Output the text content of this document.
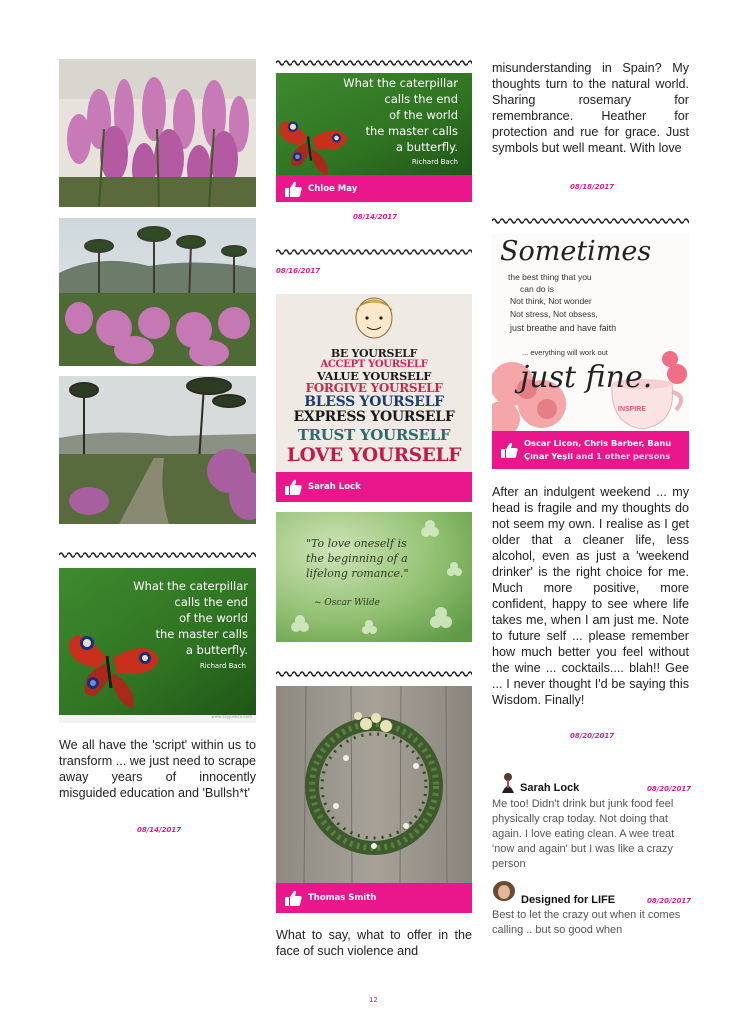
What the caterpillar
calls the end
of the world
the master calls
a butterfly.
Richard Bach
www.sayjustice.com
We all have the 'script' within us to transform ... we just need to scrape away years of innocently misguided education and 'Bullsh*t'
08/14/2017
What the caterpillar
calls the end
of the world
the master calls
a butterfly.
Richard Bach
Chloe May
08/14/2017
08/16/2017
BE YOURSELF
ACCEPT YOURSELF
VALUE YOURSELF
FORGIVE YOURSELF
BLESS YOURSELF
EXPRESS YOURSELF
TRUST YOURSELF
LOVE YOURSELF
Sarah Lock
"To love oneself is the beginning of a lifelong romance."
~ Oscar Wilde
Thomas Smith
What to say, what to offer in the face of such violence and
misunderstanding in Spain? My thoughts turn to the natural world. Sharing rosemary for remembrance. Heather for protection and rue for grace. Just symbols but well meant. With love
08/18/2017
Sometimes
the best thing that you
can do is
Not think, Not wonder
Not stress, Not obsess,
just breathe and have faith
... everything will work out
just fine.
INSPIRE
Oscar Licon, Chris Barber, Banu Çınar Yeşil and 1 other persons
After an indulgent weekend ... my head is fragile and my thoughts do not seem my own. I realise as I get older that a cleaner life, less alcohol, even as just a 'weekend drinker' is the right choice for me. Much more positive, more confident, happy to see where life takes me, when I am just me. Note to future self ... please remember how much better you feel without the wine ... cocktails.... blah!! Gee ... I never thought I'd be saying this Wisdom. Finally!
08/20/2017
Sarah Lock	08/20/2017
Me too! Didn't drink but junk food feel physically crap today. Not doing that again. I love eating clean. A wee treat 'now and again' but I was like a crazy person
Designed for LIFE	08/20/2017
Best to let the crazy out when it comes calling .. but so good when
12
